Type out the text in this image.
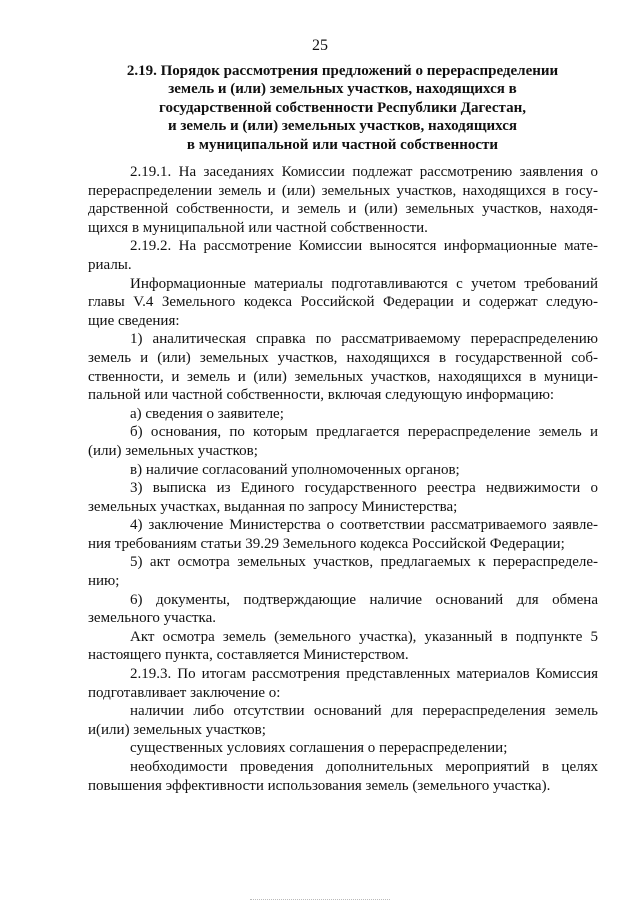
25
2.19. Порядок рассмотрения предложений о перераспределении
земель и (или) земельных участков, находящихся в
государственной собственности Республики Дагестан,
и земель и (или) земельных участков, находящихся
в муниципальной или частной собственности
2.19.1. На заседаниях Комиссии подлежат рассмотрению заявления о
перераспределении земель и (или) земельных участков, находящихся в госу-
дарственной собственности, и земель и (или) земельных участков, находя-
щихся в муниципальной или частной собственности.
2.19.2. На рассмотрение Комиссии выносятся информационные мате-
риалы.
Информационные материалы подготавливаются с учетом требований
главы V.4 Земельного кодекса Российской Федерации и содержат следую-
щие сведения:
1) аналитическая справка по рассматриваемому перераспределению
земель и (или) земельных участков, находящихся в государственной соб-
ственности, и земель и (или) земельных участков, находящихся в муници-
пальной или частной собственности, включая следующую информацию:
а) сведения о заявителе;
б) основания, по которым предлагается перераспределение земель и
(или) земельных участков;
в) наличие согласований уполномоченных органов;
3) выписка из Единого государственного реестра недвижимости о
земельных участках, выданная по запросу Министерства;
4) заключение Министерства о соответствии рассматриваемого заявле-
ния требованиям статьи 39.29 Земельного кодекса Российской Федерации;
5) акт осмотра земельных участков, предлагаемых к перераспределе-
нию;
6) документы, подтверждающие наличие оснований для обмена
земельного участка.
Акт осмотра земель (земельного участка), указанный в подпункте 5
настоящего пункта, составляется Министерством.
2.19.3. По итогам рассмотрения представленных материалов Комиссия
подготавливает заключение о:
наличии либо отсутствии оснований для перераспределения земель
и(или) земельных участков;
существенных условиях соглашения о перераспределении;
необходимости проведения дополнительных мероприятий в целях
повышения эффективности использования земель (земельного участка).
